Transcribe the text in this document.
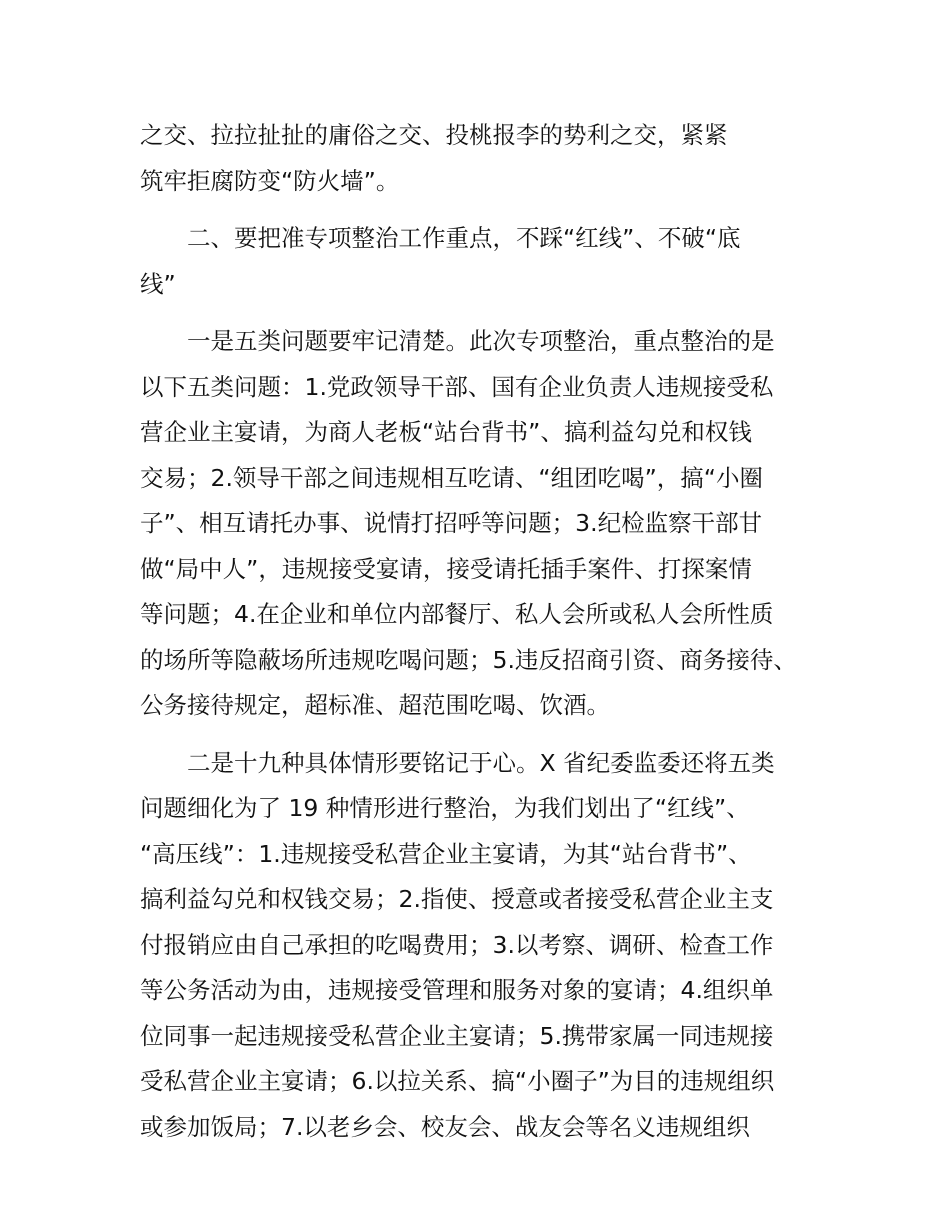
之交、拉拉扯扯的庸俗之交、投桃报李的势利之交，紧紧
筑牢拒腐防变“防火墙”。

二、要把准专项整治工作重点，不踩“红线”、不破“底
线”

一是五类问题要牢记清楚。此次专项整治，重点整治的是
以下五类问题：1.党政领导干部、国有企业负责人违规接受私
营企业主宴请，为商人老板“站台背书”、搞利益勾兑和权钱
交易；2.领导干部之间违规相互吃请、“组团吃喝”，搞“小圈
子”、相互请托办事、说情打招呼等问题；3.纪检监察干部甘
做“局中人”，违规接受宴请，接受请托插手案件、打探案情
等问题；4.在企业和单位内部餐厅、私人会所或私人会所性质
的场所等隐蔽场所违规吃喝问题；5.违反招商引资、商务接待、
公务接待规定，超标准、超范围吃喝、饮酒。

二是十九种具体情形要铭记于心。X 省纪委监委还将五类
问题细化为了 19 种情形进行整治，为我们划出了“红线”、
“高压线”：1.违规接受私营企业主宴请，为其“站台背书”、
搞利益勾兑和权钱交易；2.指使、授意或者接受私营企业主支
付报销应由自己承担的吃喝费用；3.以考察、调研、检查工作
等公务活动为由，违规接受管理和服务对象的宴请；4.组织单
位同事一起违规接受私营企业主宴请；5.携带家属一同违规接
受私营企业主宴请；6.以拉关系、搞“小圈子”为目的违规组织
或参加饭局；7.以老乡会、校友会、战友会等名义违规组织
